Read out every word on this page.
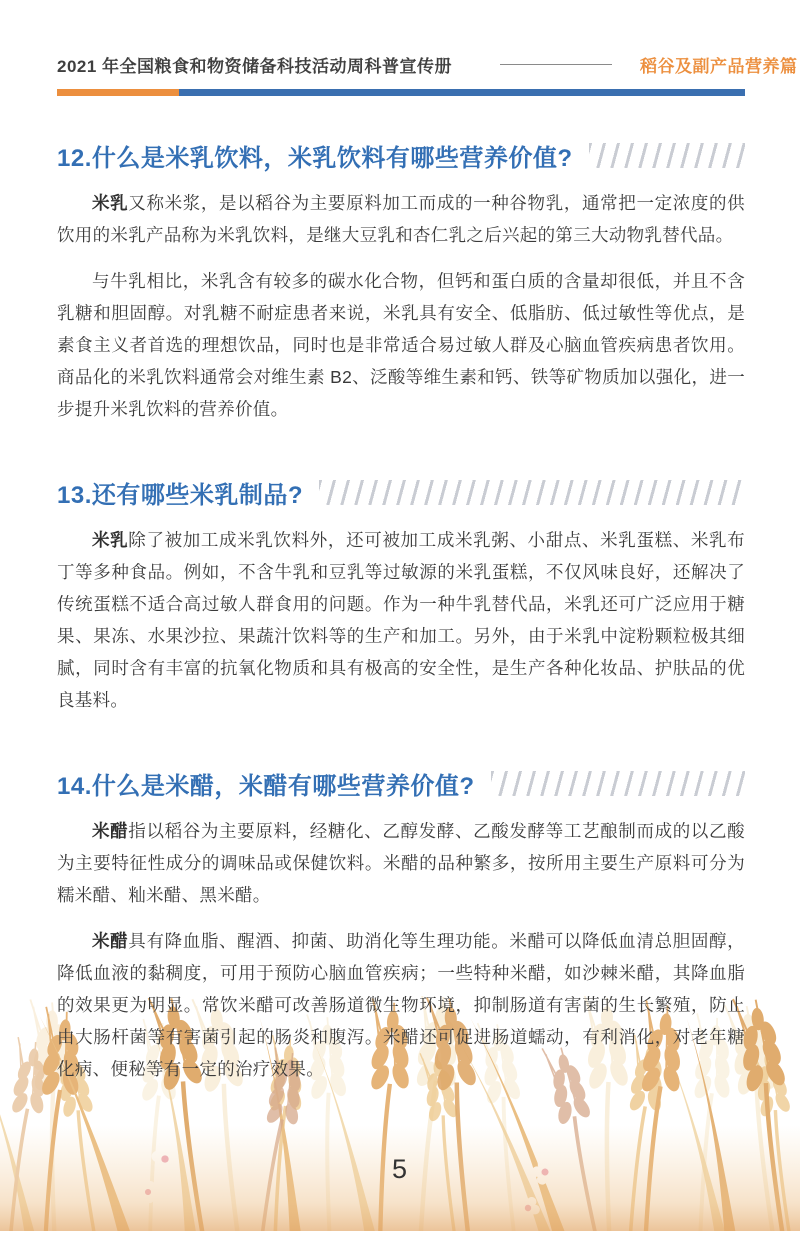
2021 年全国粮食和物资储备科技活动周科普宣传册	稻谷及副产品营养篇
12.什么是米乳饮料，米乳饮料有哪些营养价值?

米乳又称米浆，是以稻谷为主要原料加工而成的一种谷物乳，通常把一定浓度的供饮用的米乳产品称为米乳饮料，是继大豆乳和杏仁乳之后兴起的第三大动物乳替代品。

与牛乳相比，米乳含有较多的碳水化合物，但钙和蛋白质的含量却很低，并且不含乳糖和胆固醇。对乳糖不耐症患者来说，米乳具有安全、低脂肪、低过敏性等优点，是素食主义者首选的理想饮品，同时也是非常适合易过敏人群及心脑血管疾病患者饮用。商品化的米乳饮料通常会对维生素 B2、泛酸等维生素和钙、铁等矿物质加以强化，进一步提升米乳饮料的营养价值。

13.还有哪些米乳制品?

米乳除了被加工成米乳饮料外，还可被加工成米乳粥、小甜点、米乳蛋糕、米乳布丁等多种食品。例如，不含牛乳和豆乳等过敏源的米乳蛋糕，不仅风味良好，还解决了传统蛋糕不适合高过敏人群食用的问题。作为一种牛乳替代品，米乳还可广泛应用于糖果、果冻、水果沙拉、果蔬汁饮料等的生产和加工。另外，由于米乳中淀粉颗粒极其细腻，同时含有丰富的抗氧化物质和具有极高的安全性，是生产各种化妆品、护肤品的优良基料。

14.什么是米醋，米醋有哪些营养价值?

米醋指以稻谷为主要原料，经糖化、乙醇发酵、乙酸发酵等工艺酿制而成的以乙酸为主要特征性成分的调味品或保健饮料。米醋的品种繁多，按所用主要生产原料可分为糯米醋、籼米醋、黑米醋。

米醋具有降血脂、醒酒、抑菌、助消化等生理功能。米醋可以降低血清总胆固醇，降低血液的黏稠度，可用于预防心脑血管疾病；一些特种米醋，如沙棘米醋，其降血脂的效果更为明显。常饮米醋可改善肠道微生物环境，抑制肠道有害菌的生长繁殖，防止由大肠杆菌等有害菌引起的肠炎和腹泻。米醋还可促进肠道蠕动，有利消化，对老年糖化病、便秘等有一定的治疗效果。

5
